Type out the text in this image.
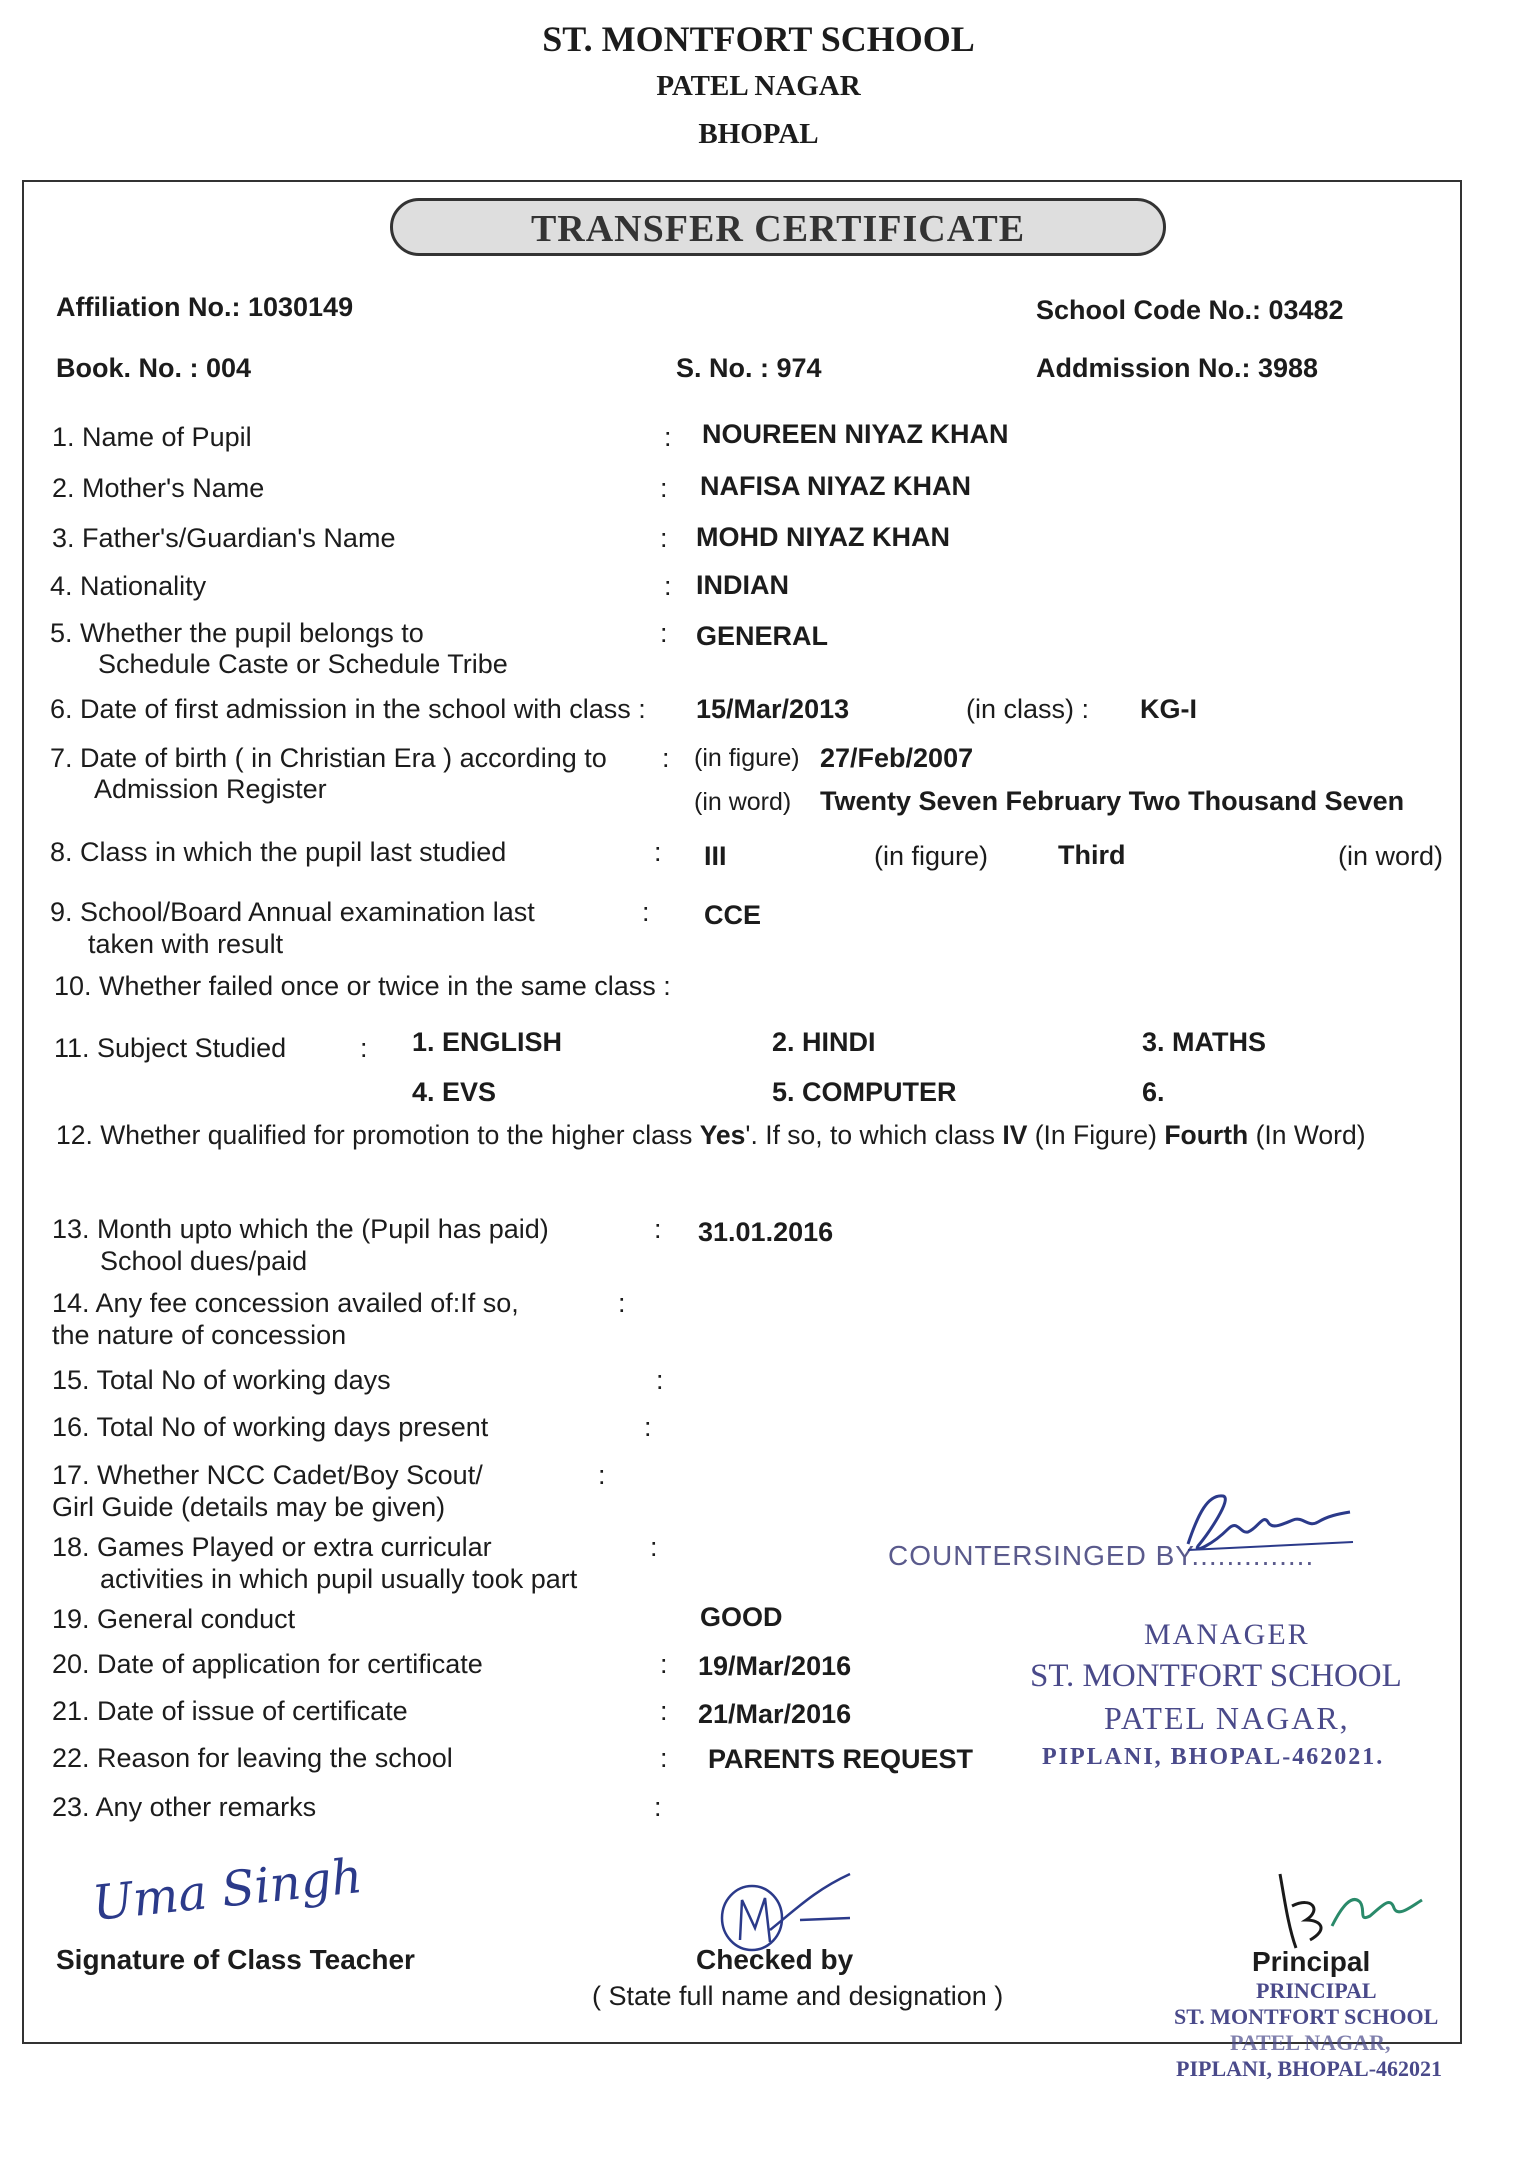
ST. MONTFORT SCHOOL
PATEL NAGAR
BHOPAL
TRANSFER CERTIFICATE
Affiliation No.: 1030149	School Code No.: 03482
Book. No. : 004	S. No. : 974	Addmission No.: 3988
1. Name of Pupil	: NOUREEN NIYAZ KHAN
2. Mother's Name	: NAFISA NIYAZ KHAN
3. Father's/Guardian's Name	: MOHD NIYAZ KHAN
4. Nationality	: INDIAN
5. Whether the pupil belongs to
Schedule Caste or Schedule Tribe
: GENERAL
6. Date of first admission in the school with class : 15/Mar/2013	(in class) : KG-I
7. Date of birth ( in Christian Era ) according to
Admission Register
: (in figure) 27/Feb/2007
(in word) Twenty Seven February Two Thousand Seven
8. Class in which the pupil last studied	: III	(in figure)	Third	(in word)
9. School/Board Annual examination last
taken with result
: CCE
10. Whether failed once or twice in the same class :
11. Subject Studied	: 1. ENGLISH	2. HINDI	3. MATHS
4. EVS	5. COMPUTER	6.
12. Whether qualified for promotion to the higher class Yes'. If so, to which class IV (In Figure) Fourth (In Word)
13. Month upto which the (Pupil has paid)
School dues/paid
: 31.01.2016
14. Any fee concession availed of:If so,
the nature of concession
:
15. Total No of working days	:
16. Total No of working days present	:
17. Whether NCC Cadet/Boy Scout/
Girl Guide (details may be given)
:
18. Games Played or extra curricular
activities in which pupil usually took part
:
19. General conduct	GOOD
20. Date of application for certificate	: 19/Mar/2016
21. Date of issue of certificate	: 21/Mar/2016
22. Reason for leaving the school	: PARENTS REQUEST
23. Any other remarks	:
COUNTERSINGED BY..............
MANAGER
ST. MONTFORT SCHOOL
PATEL NAGAR,
PIPLANI, BHOPAL-462021.
Uma Singh
Signature of Class Teacher	Checked by
( State full name and designation )
Principal
PRINCIPAL
ST. MONTFORT SCHOOL
PATEL NAGAR,
PIPLANI, BHOPAL-462021
